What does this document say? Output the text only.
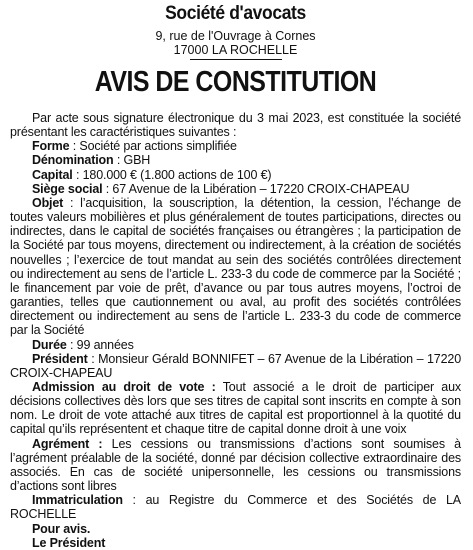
Société d'avocats
9, rue de l'Ouvrage à Cornes
17000 LA ROCHELLE
AVIS DE CONSTITUTION

Par acte sous signature électronique du 3 mai 2023, est constituée la société présentant les caractéristiques suivantes :

Forme : Société par actions simplifiée

Dénomination : GBH

Capital : 180.000 € (1.800 actions de 100 €)

Siège social : 67 Avenue de la Libération – 17220 CROIX-CHAPEAU

Objet : l’acquisition, la souscription, la détention, la cession, l’échange de toutes valeurs mobilières et plus généralement de toutes participations, directes ou indirectes, dans le capital de sociétés françaises ou étrangères ; la participation de la Société par tous moyens, directement ou indirectement, à la création de sociétés nouvelles ; l’exercice de tout mandat au sein des sociétés contrôlées directement ou indirectement au sens de l’article L. 233-3 du code de commerce par la Société ; le financement par voie de prêt, d’avance ou par tous autres moyens, l’octroi de garanties, telles que cautionnement ou aval, au profit des sociétés contrôlées directement ou indirectement au sens de l’article L. 233-3 du code de commerce par la Société

Durée : 99 années

Président : Monsieur Gérald BONNIFET – 67 Avenue de la Libération – 17220 CROIX-CHAPEAU

Admission au droit de vote : Tout associé a le droit de participer aux décisions collectives dès lors que ses titres de capital sont inscrits en compte à son nom. Le droit de vote attaché aux titres de capital est proportionnel à la quotité du capital qu’ils représentent et chaque titre de capital donne droit à une voix

Agrément : Les cessions ou transmissions d’actions sont soumises à l’agrément préalable de la société, donné par décision collective extraordinaire des associés. En cas de société unipersonnelle, les cessions ou transmissions d’actions sont libres

Immatriculation : au Registre du Commerce et des Sociétés de LA ROCHELLE

Pour avis.

Le Président
